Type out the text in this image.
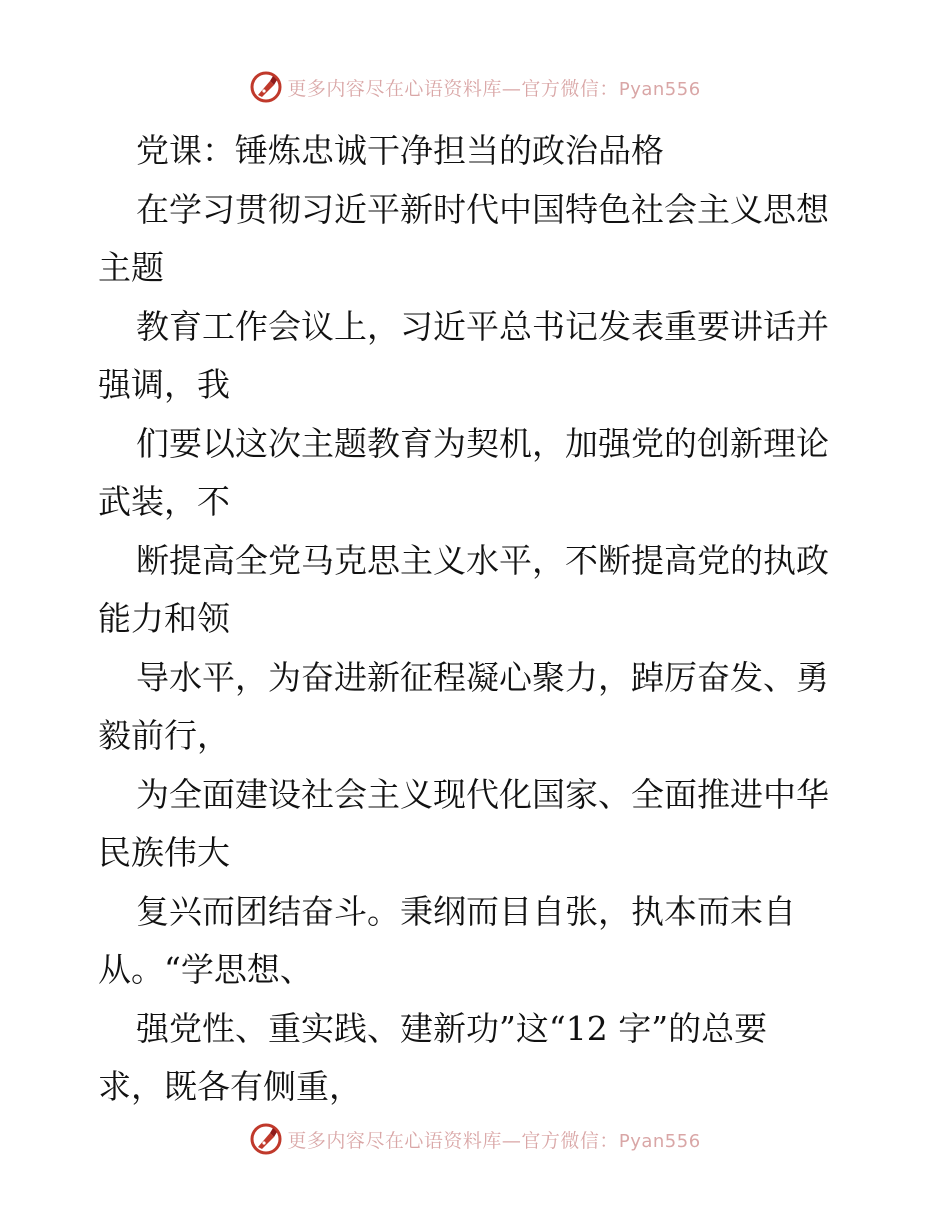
更多内容尽在心语资料库—官方微信：Pyan556

党课：锤炼忠诚干净担当的政治品格

在学习贯彻习近平新时代中国特色社会主义思想

主题

教育工作会议上，习近平总书记发表重要讲话并

强调，我

们要以这次主题教育为契机，加强党的创新理论

武装，不

断提高全党马克思主义水平，不断提高党的执政

能力和领

导水平，为奋进新征程凝心聚力，踔厉奋发、勇

毅前行，

为全面建设社会主义现代化国家、全面推进中华

民族伟大

复兴而团结奋斗。秉纲而目自张，执本而末自

从。“学思想、

强党性、重实践、建新功”这“12 字”的总要

求，既各有侧重，

更多内容尽在心语资料库—官方微信：Pyan556
